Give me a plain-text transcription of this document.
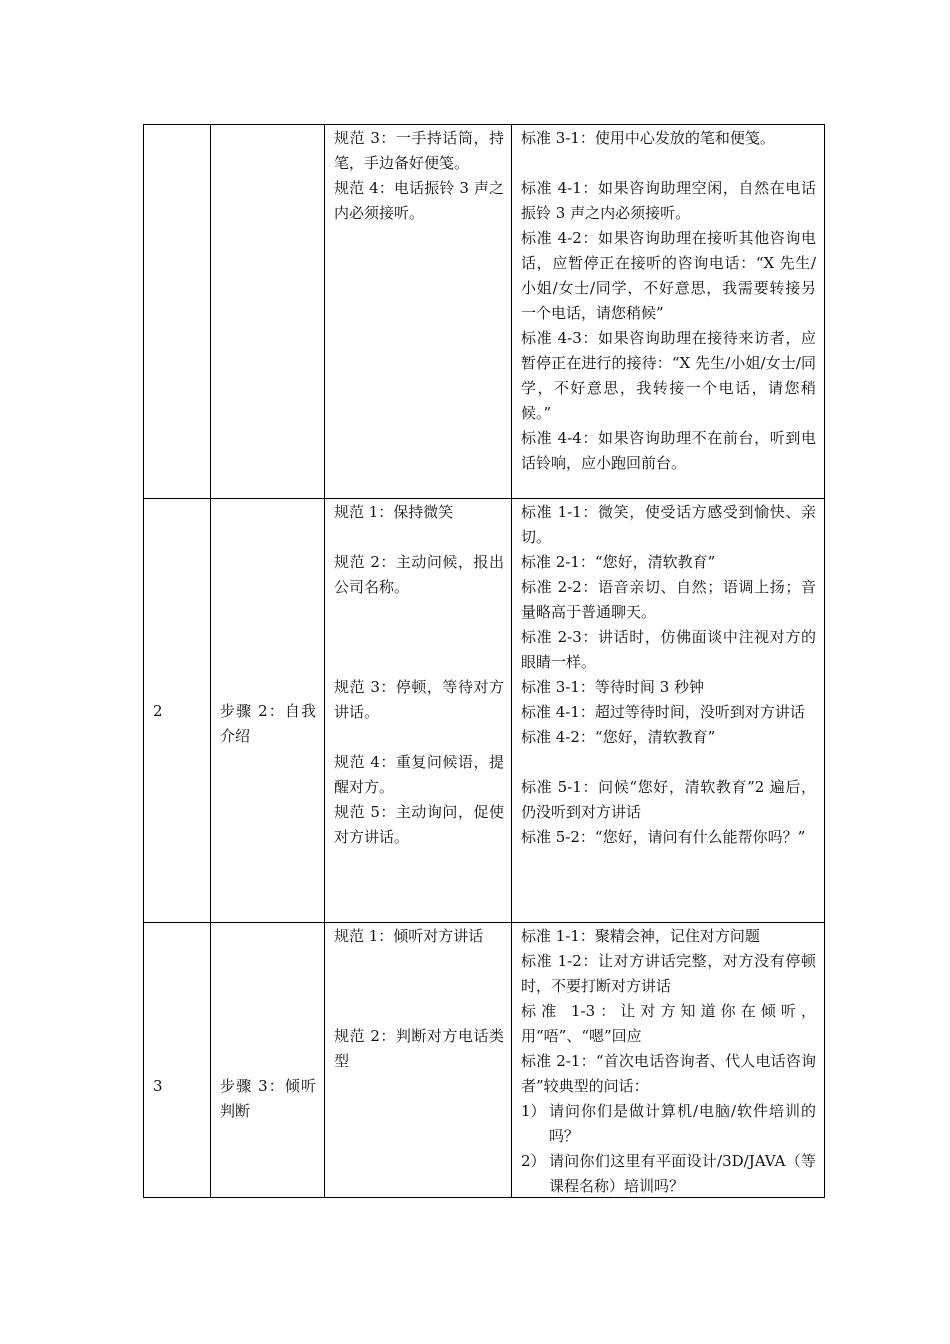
规范 3：一手持话筒，持笔，手边备好便笺。

规范 4：电话振铃 3 声之内必须接听。

标准 3-1：使用中心发放的笔和便笺。

标准 4-1：如果咨询助理空闲，自然在电话振铃 3 声之内必须接听。

标准 4-2：如果咨询助理在接听其他咨询电话，应暂停正在接听的咨询电话：“X 先生/小姐/女士/同学，不好意思，我需要转接另一个电话，请您稍候”

标准 4-3：如果咨询助理在接待来访者，应暂停正在进行的接待：“X 先生/小姐/女士/同学，不好意思，我转接一个电话，请您稍候。”

标准 4-4：如果咨询助理不在前台，听到电话铃响，应小跑回前台。

2	步骤 2：自我介绍

规范 1：保持微笑

规范 2：主动问候，报出公司名称。

规范 3：停顿，等待对方讲话。

规范 4：重复问候语，提醒对方。

规范 5：主动询问，促使对方讲话。

标准 1-1：微笑，使受话方感受到愉快、亲切。

标准 2-1：“您好，清软教育”

标准 2-2：语音亲切、自然；语调上扬；音量略高于普通聊天。

标准 2-3：讲话时，仿佛面谈中注视对方的眼睛一样。

标准 3-1：等待时间 3 秒钟

标准 4-1：超过等待时间，没听到对方讲话

标准 4-2：“您好，清软教育”

标准 5-1：问候“您好，清软教育”2 遍后，仍没听到对方讲话

标准 5-2：“您好，请问有什么能帮你吗？”

3	步骤 3：倾听判断

规范 1：倾听对方讲话

规范 2：判断对方电话类型

标准 1-1：聚精会神，记住对方问题

标准 1-2：让对方讲话完整，对方没有停顿时，不要打断对方讲话

标准 1-3：让对方知道你在倾听，用“唔”、“嗯”回应

标准 2-1：“首次电话咨询者、代人电话咨询者”较典型的问话：

1） 请问你们是做计算机/电脑/软件培训的吗？
2） 请问你们这里有平面设计/3D/JAVA（等课程名称）培训吗？
